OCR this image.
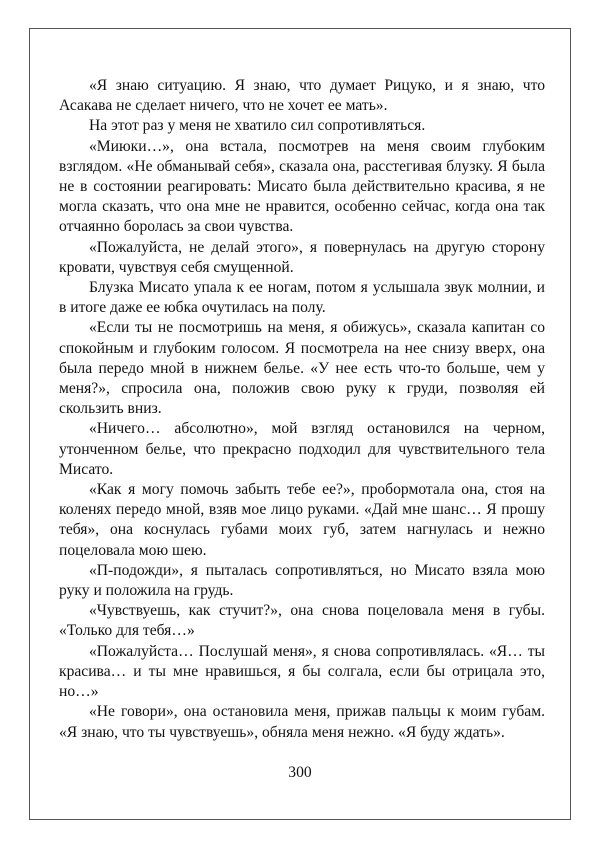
«Я знаю ситуацию. Я знаю, что думает Рицуко, и я знаю, что Асакава не сделает ничего, что не хочет ее мать».

На этот раз у меня не хватило сил сопротивляться.

«Миюки…», она встала, посмотрев на меня своим глубоким взглядом. «Не обманывай себя», сказала она, расстегивая блузку. Я была не в состоянии реагировать: Мисато была действительно красива, я не могла сказать, что она мне не нравится, особенно сейчас, когда она так отчаянно боролась за свои чувства.

«Пожалуйста, не делай этого», я повернулась на другую сторону кровати, чувствуя себя смущенной.

Блузка Мисато упала к ее ногам, потом я услышала звук молнии, и в итоге даже ее юбка очутилась на полу.

«Если ты не посмотришь на меня, я обижусь», сказала капитан со спокойным и глубоким голосом. Я посмотрела на нее снизу вверх, она была передо мной в нижнем белье. «У нее есть что-то больше, чем у меня?», спросила она, положив свою руку к груди, позволяя ей скользить вниз.

«Ничего… абсолютно», мой взгляд остановился на черном, утонченном белье, что прекрасно подходил для чувствительного тела Мисато.

«Как я могу помочь забыть тебе ее?», пробормотала она, стоя на коленях передо мной, взяв мое лицо руками. «Дай мне шанс… Я прошу тебя», она коснулась губами моих губ, затем нагнулась и нежно поцеловала мою шею.

«П-подожди», я пыталась сопротивляться, но Мисато взяла мою руку и положила на грудь.

«Чувствуешь, как стучит?», она снова поцеловала меня в губы. «Только для тебя…»

«Пожалуйста… Послушай меня», я снова сопротивлялась. «Я… ты красива… и ты мне нравишься, я бы солгала, если бы отрицала это, но…»

«Не говори», она остановила меня, прижав пальцы к моим губам. «Я знаю, что ты чувствуешь», обняла меня нежно. «Я буду ждать».

300
